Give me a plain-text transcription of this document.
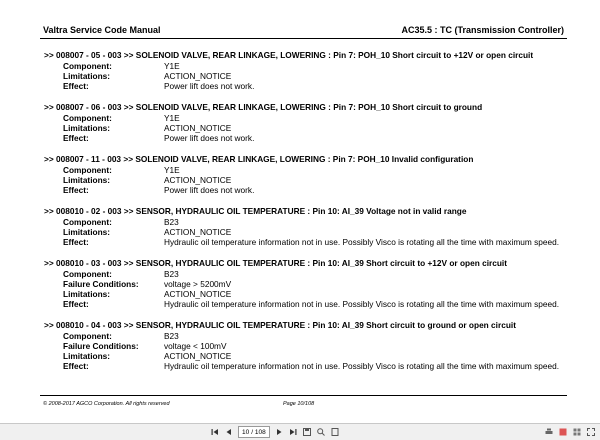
Valtra Service Code Manual	AC35.5 : TC (Transmission Controller)
>> 008007 - 05 - 003 >> SOLENOID VALVE, REAR LINKAGE, LOWERING : Pin 7: POH_10 Short circuit to +12V or open circuit
Component:	Y1E
Limitations:	ACTION_NOTICE
Effect:	Power lift does not work.
>> 008007 - 06 - 003 >> SOLENOID VALVE, REAR LINKAGE, LOWERING : Pin 7: POH_10 Short circuit to ground
Component:	Y1E
Limitations:	ACTION_NOTICE
Effect:	Power lift does not work.
>> 008007 - 11 - 003 >> SOLENOID VALVE, REAR LINKAGE, LOWERING : Pin 7: POH_10 Invalid configuration
Component:	Y1E
Limitations:	ACTION_NOTICE
Effect:	Power lift does not work.
>> 008010 - 02 - 003 >> SENSOR, HYDRAULIC OIL TEMPERATURE : Pin 10: AI_39 Voltage not in valid range
Component:	B23
Limitations:	ACTION_NOTICE
Effect:	Hydraulic oil temperature information not in use. Possibly Visco is rotating all the time with maximum speed.
>> 008010 - 03 - 003 >> SENSOR, HYDRAULIC OIL TEMPERATURE : Pin 10: AI_39 Short circuit to +12V or open circuit
Component:	B23
Failure Conditions:	voltage > 5200mV
Limitations:	ACTION_NOTICE
Effect:	Hydraulic oil temperature information not in use. Possibly Visco is rotating all the time with maximum speed.
>> 008010 - 04 - 003 >> SENSOR, HYDRAULIC OIL TEMPERATURE : Pin 10: AI_39 Short circuit to ground or open circuit
Component:	B23
Failure Conditions:	voltage < 100mV
Limitations:	ACTION_NOTICE
Effect:	Hydraulic oil temperature information not in use. Possibly Visco is rotating all the time with maximum speed.
© 2008-2017 AGCO Corporation. All rights reserved	Page 10/108
10 / 108
